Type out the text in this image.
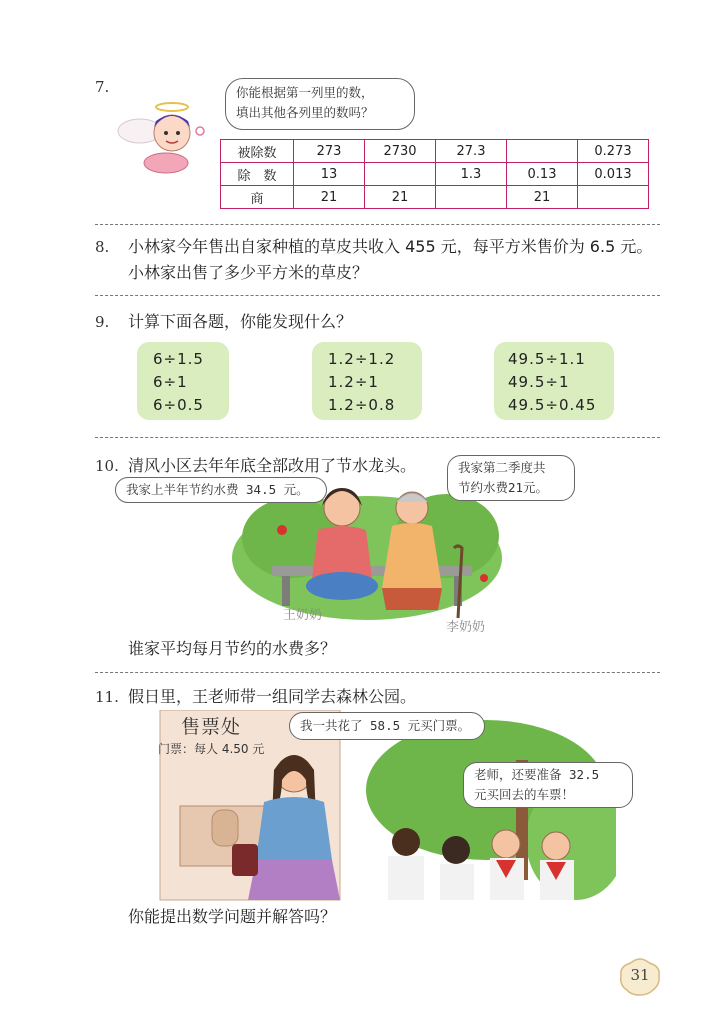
7.	你能根据第一列里的数，
填出其他各列里的数吗？
被除数	273	2730	27.3		0.273
除　数	13		1.3	0.13	0.013
商	21	21		21	
8. 小林家今年售出自家种植的草皮共收入 455 元，每平方米售价为 6.5 元。
小林家出售了多少平方米的草皮？
9. 计算下面各题，你能发现什么？
6÷1.5
6÷1
6÷0.5
1.2÷1.2
1.2÷1
1.2÷0.8
49.5÷1.1
49.5÷1
49.5÷0.45
10. 清风小区去年年底全部改用了节水龙头。
我家上半年节约水费 34.5 元。
我家第二季度共
节约水费21元。
王奶奶
李奶奶
谁家平均每月节约的水费多？
11. 假日里，王老师带一组同学去森林公园。
售票处
门票：每人 4.50 元
我一共花了 58.5 元买门票。
老师，还要准备 32.5
元买回去的车票！
你能提出数学问题并解答吗？
31
